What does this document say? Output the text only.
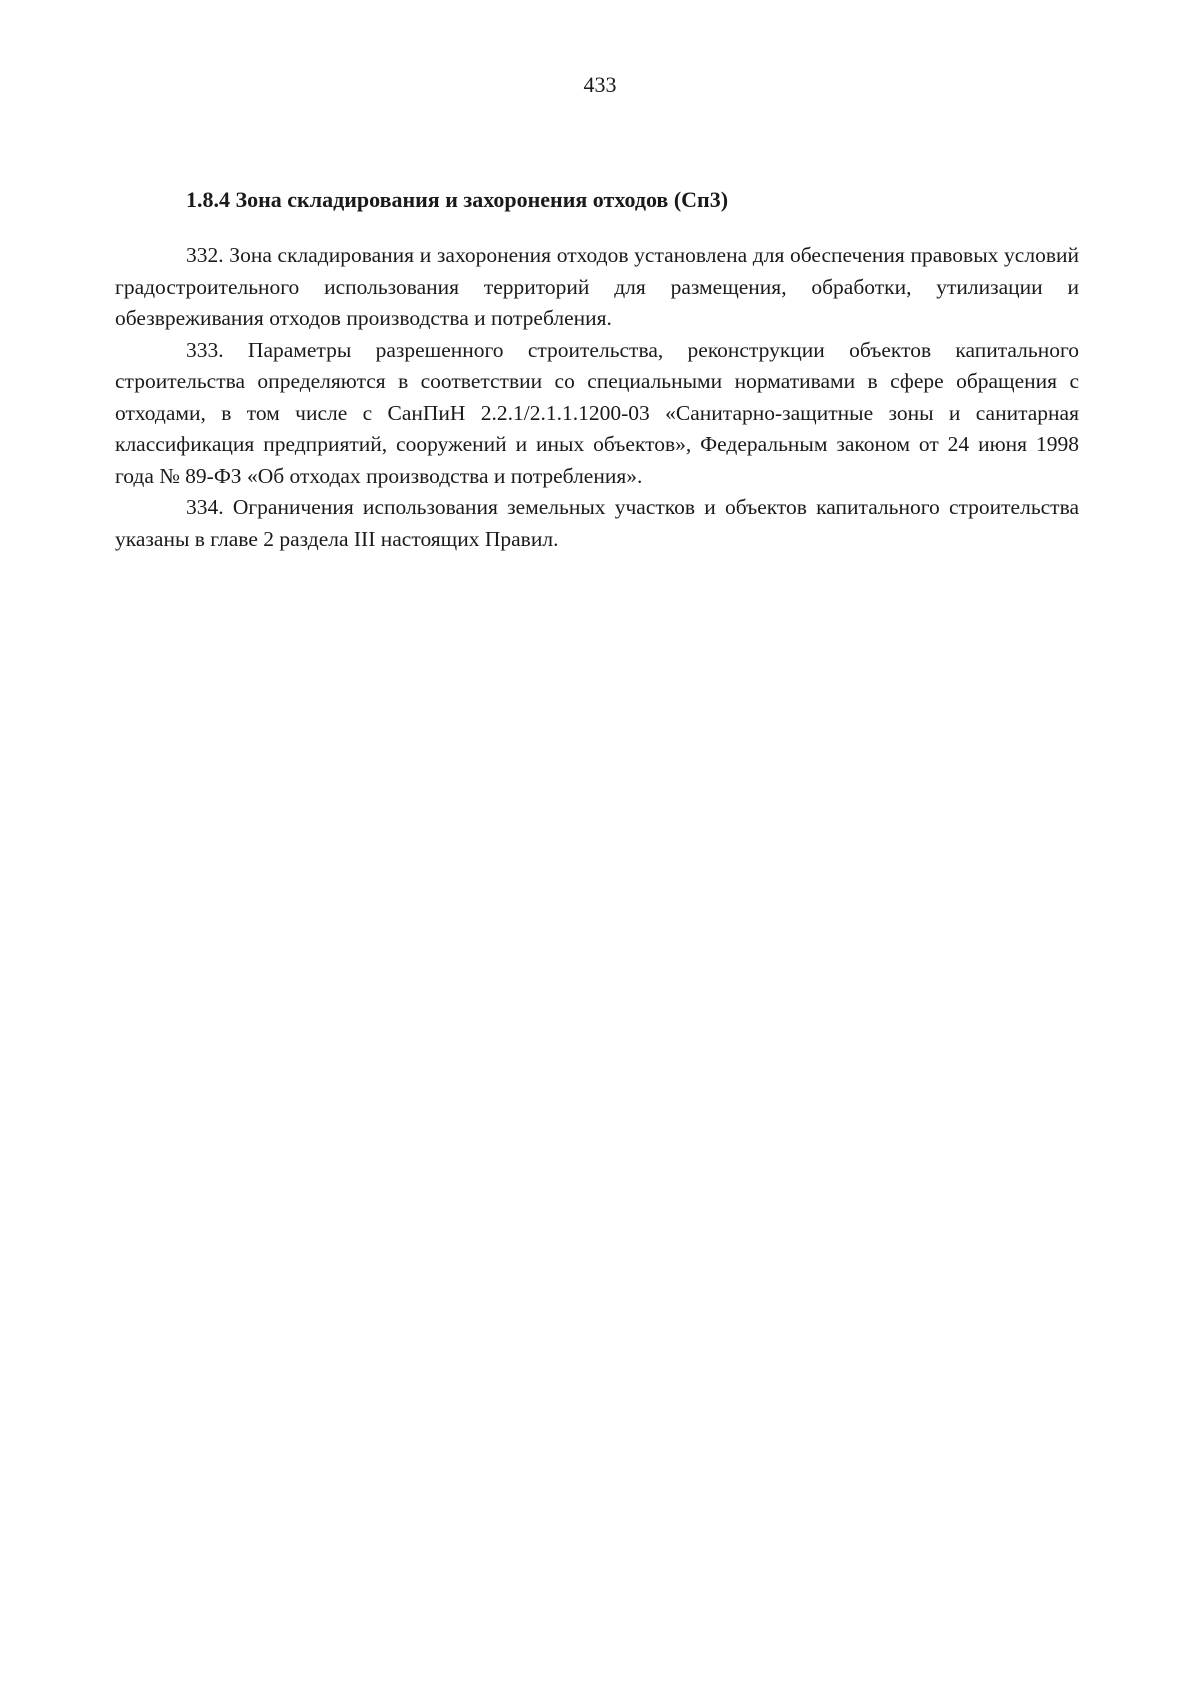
433
1.8.4 Зона складирования и захоронения отходов (Сп3)

332. Зона складирования и захоронения отходов установлена для обеспечения правовых условий градостроительного использования территорий для размещения, обработки, утилизации и обезвреживания отходов производства и потребления.

333. Параметры разрешенного строительства, реконструкции объектов капитального строительства определяются в соответствии со специальными нормативами в сфере обращения с отходами, в том числе с СанПиН 2.2.1/2.1.1.1200-03 «Санитарно-защитные зоны и санитарная классификация предприятий, сооружений и иных объектов», Федеральным законом от 24 июня 1998 года № 89-ФЗ «Об отходах производства и потребления».

334. Ограничения использования земельных участков и объектов капитального строительства указаны в главе 2 раздела III настоящих Правил.
